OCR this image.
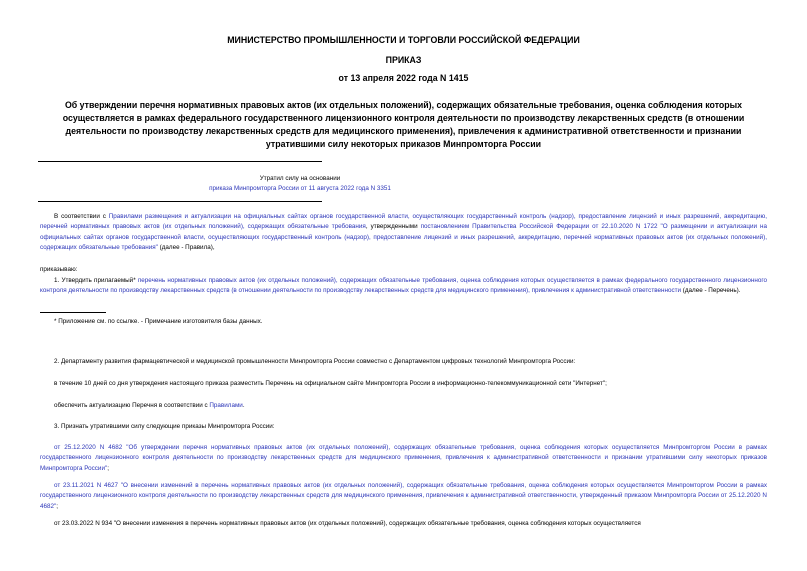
МИНИСТЕРСТВО ПРОМЫШЛЕННОСТИ И ТОРГОВЛИ РОССИЙСКОЙ ФЕДЕРАЦИИ
ПРИКАЗ
от 13 апреля 2022 года N 1415
Об утверждении перечня нормативных правовых актов (их отдельных положений), содержащих обязательные требования, оценка соблюдения которых осуществляется в рамках федерального государственного лицензионного контроля деятельности по производству лекарственных средств (в отношении деятельности по производству лекарственных средств для медицинского применения), привлечения к административной ответственности и признании утратившими силу некоторых приказов Минпромторга России
Утратил силу на основании
приказа Минпромторга России от 11 августа 2022 года N 3351
В соответствии с Правилами размещения и актуализации на официальных сайтах органов государственной власти, осуществляющих государственный контроль (надзор), предоставление лицензий и иных разрешений, аккредитацию, перечней нормативных правовых актов (их отдельных положений), содержащих обязательные требования, утвержденными постановлением Правительства Российской Федерации от 22.10.2020 N 1722 "О размещении и актуализации на официальных сайтах органов государственной власти, осуществляющих государственный контроль (надзор), предоставление лицензий и иных разрешений, аккредитацию, перечней нормативных правовых актов (их отдельных положений), содержащих обязательные требования" (далее - Правила),
приказываю:
1. Утвердить прилагаемый* перечень нормативных правовых актов (их отдельных положений), содержащих обязательные требования, оценка соблюдения которых осуществляется в рамках федерального государственного лицензионного контроля деятельности по производству лекарственных средств (в отношении деятельности по производству лекарственных средств для медицинского применения), привлечения к административной ответственности (далее - Перечень).
* Приложение см. по ссылке. - Примечание изготовителя базы данных.
2. Департаменту развития фармацевтической и медицинской промышленности Минпромторга России совместно с Департаментом цифровых технологий Минпромторга России:
в течение 10 дней со дня утверждения настоящего приказа разместить Перечень на официальном сайте Минпромторга России в информационно-телекоммуникационной сети "Интернет";
обеспечить актуализацию Перечня в соответствии с Правилами.
3. Признать утратившими силу следующие приказы Минпромторга России:
от 25.12.2020 N 4682 "Об утверждении перечня нормативных правовых актов (их отдельных положений), содержащих обязательные требования, оценка соблюдения которых осуществляется Минпромторгом России в рамках государственного лицензионного контроля деятельности по производству лекарственных средств для медицинского применения, привлечения к административной ответственности и признании утратившими силу некоторых приказов Минпромторга России";
от 23.11.2021 N 4627 "О внесении изменений в перечень нормативных правовых актов (их отдельных положений), содержащих обязательные требования, оценка соблюдения которых осуществляется Минпромторгом России в рамках государственного лицензионного контроля деятельности по производству лекарственных средств для медицинского применения, привлечения к административной ответственности, утвержденный приказом Минпромторга России от 25.12.2020 N 4682";
от 23.03.2022 N 934 "О внесении изменения в перечень нормативных правовых актов (их отдельных положений), содержащих обязательные требования, оценка соблюдения которых осуществляется
